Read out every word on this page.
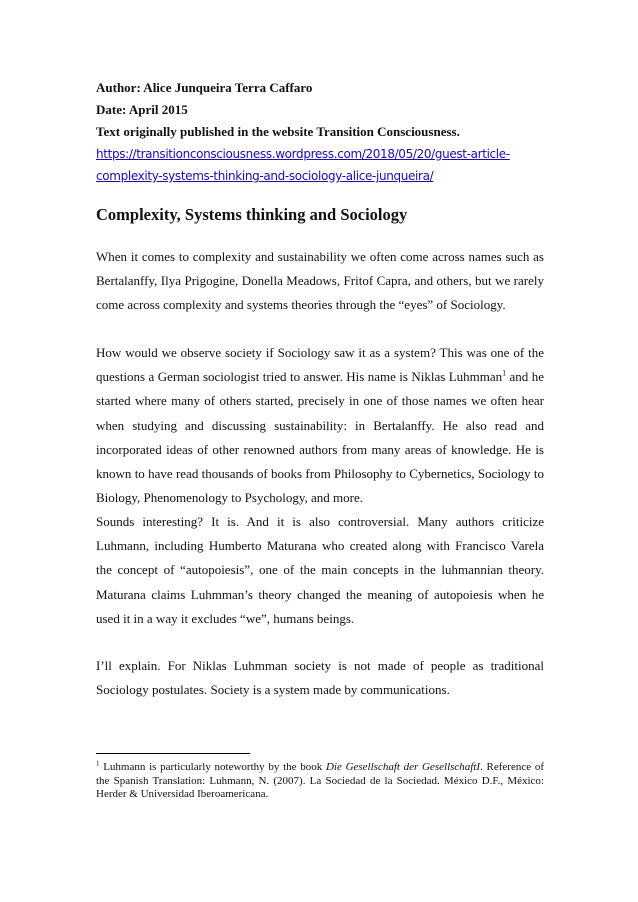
Author: Alice Junqueira Terra Caffaro
Date: April 2015
Text originally published in the website Transition Consciousness.
https://transitionconsciousness.wordpress.com/2018/05/20/guest-article-
complexity-systems-thinking-and-sociology-alice-junqueira/
Complexity, Systems thinking and Sociology

When it comes to complexity and sustainability we often come across names such as Bertalanffy, Ilya Prigogine, Donella Meadows, Fritof Capra, and others, but we rarely come across complexity and systems theories through the “eyes” of Sociology.

How would we observe society if Sociology saw it as a system? This was one of the questions a German sociologist tried to answer. His name is Niklas Luhmman$^1$ and he started where many of others started, precisely in one of those names we often hear when studying and discussing sustainability: in Bertalanffy. He also read and incorporated ideas of other renowned authors from many areas of knowledge. He is known to have read thousands of books from Philosophy to Cybernetics, Sociology to Biology, Phenomenology to Psychology, and more.

Sounds interesting? It is. And it is also controversial. Many authors criticize Luhmann, including Humberto Maturana who created along with Francisco Varela the concept of “autopoiesis”, one of the main concepts in the luhmannian theory. Maturana claims Luhmman’s theory changed the meaning of autopoiesis when he used it in a way it excludes “we”, humans beings.

I’ll explain. For Niklas Luhmman society is not made of people as traditional Sociology postulates. Society is a system made by communications.

$^1$ Luhmann is particularly noteworthy by the book Die Gesellschaft der GesellschaftI. Reference of the Spanish Translation: Luhmann, N. (2007). La Sociedad de la Sociedad. México D.F., México: Herder & Universidad Iberoamericana.
